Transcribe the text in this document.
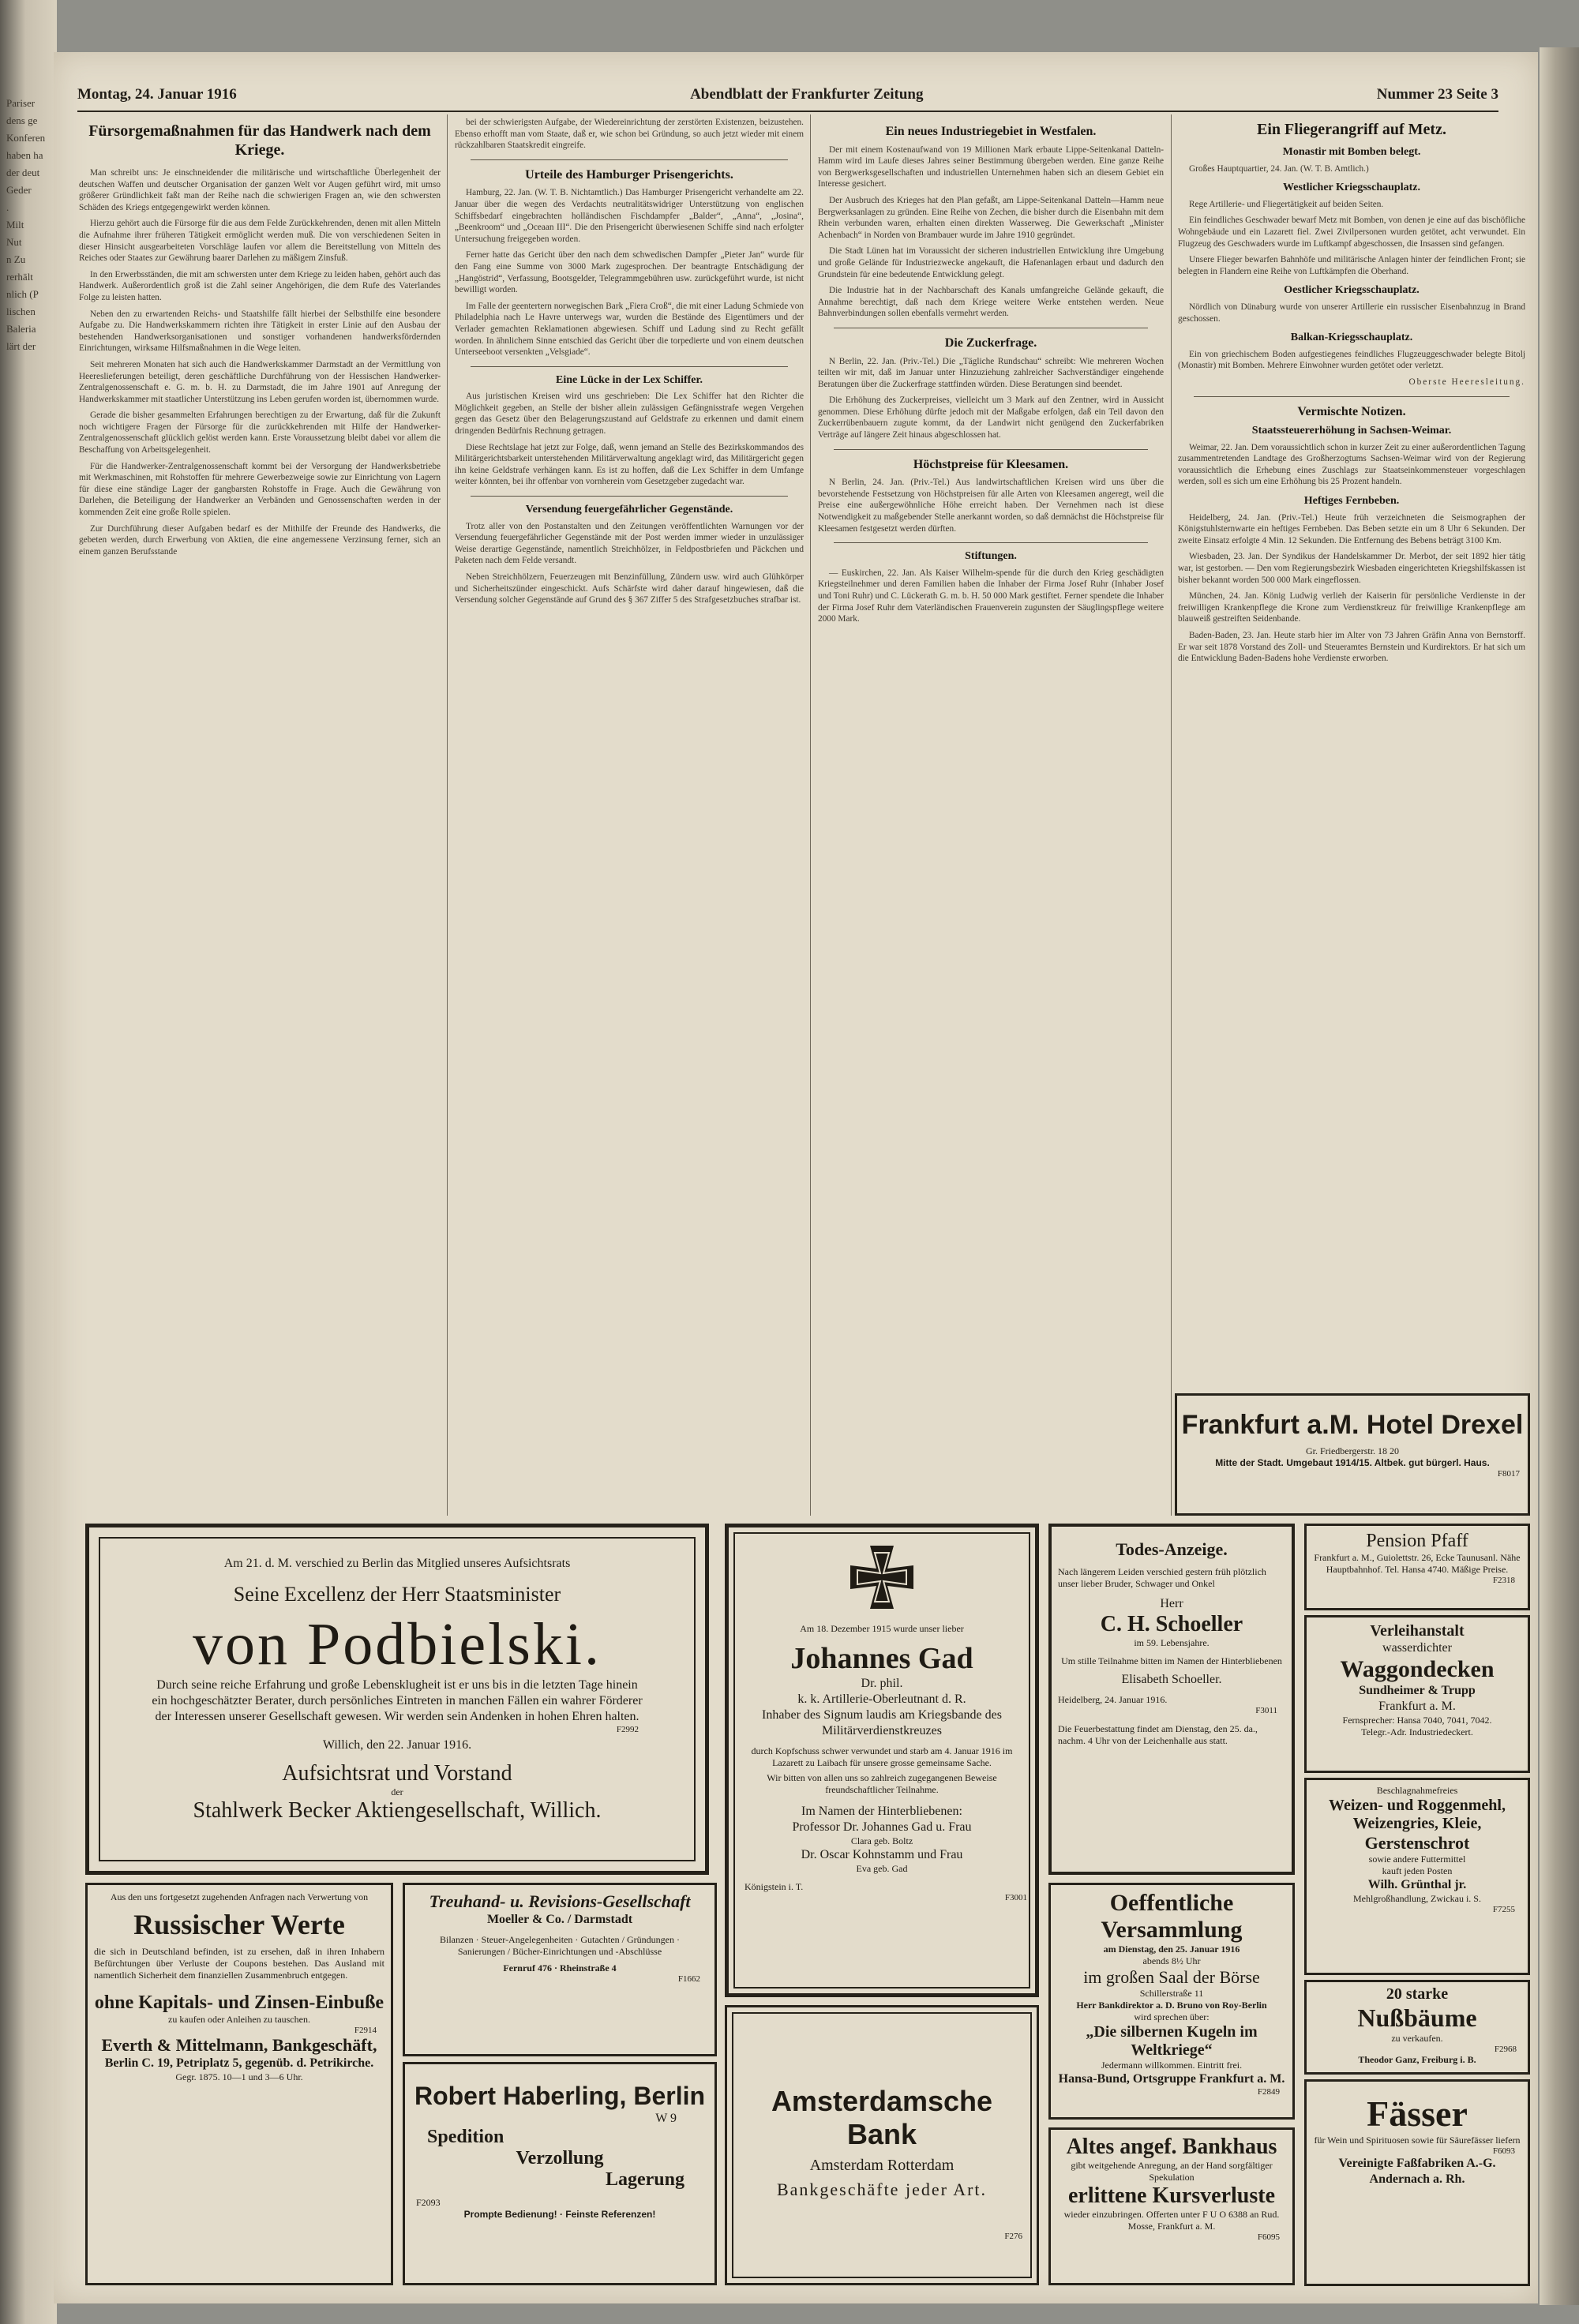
Pariser
dens ge
Konferen
haben ha
der deut
Geder
.
Milt
Nut
n Zu
rerhält
nlich (P
lischen
Baleria
lärt der

Montag, 24. Januar 1916	Abendblatt der Frankfurter Zeitung	Nummer 23 Seite 3
Fürsorgemaßnahmen für das Handwerk nach dem Kriege.

Man schreibt uns: Je einschneidender die militärische und wirtschaftliche Überlegenheit der deutschen Waffen und deutscher Organisation der ganzen Welt vor Augen geführt wird, mit umso größerer Gründlichkeit faßt man der Reihe nach die schwierigen Fragen an, wie den schwersten Schäden des Kriegs entgegengewirkt werden können.

Hierzu gehört auch die Fürsorge für die aus dem Felde Zurückkehrenden, denen mit allen Mitteln die Aufnahme ihrer früheren Tätigkeit ermöglicht werden muß. Die von verschiedenen Seiten in dieser Hinsicht ausgearbeiteten Vorschläge laufen vor allem die Bereitstellung von Mitteln des Reiches oder Staates zur Gewährung baarer Darlehen zu mäßigem Zinsfuß.

In den Erwerbsständen, die mit am schwersten unter dem Kriege zu leiden haben, gehört auch das Handwerk. Außerordentlich groß ist die Zahl seiner Angehörigen, die dem Rufe des Vaterlandes Folge zu leisten hatten.

Neben den zu erwartenden Reichs- und Staatshilfe fällt hierbei der Selbsthilfe eine besondere Aufgabe zu. Die Handwerkskammern richten ihre Tätigkeit in erster Linie auf den Ausbau der bestehenden Handwerksorganisationen und sonstiger vorhandenen handwerksfördernden Einrichtungen, wirksame Hilfsmaßnahmen in die Wege leiten.

Seit mehreren Monaten hat sich auch die Handwerkskammer Darmstadt an der Vermittlung von Heereslieferungen beteiligt, deren geschäftliche Durchführung von der Hessischen Handwerker-Zentralgenossenschaft e. G. m. b. H. zu Darmstadt, die im Jahre 1901 auf Anregung der Handwerkskammer mit staatlicher Unterstützung ins Leben gerufen worden ist, übernommen wurde.

Gerade die bisher gesammelten Erfahrungen berechtigen zu der Erwartung, daß für die Zukunft noch wichtigere Fragen der Fürsorge für die zurückkehrenden mit Hilfe der Handwerker-Zentralgenossenschaft glücklich gelöst werden kann. Erste Voraussetzung bleibt dabei vor allem die Beschaffung von Arbeitsgelegenheit.

Für die Handwerker-Zentralgenossenschaft kommt bei der Versorgung der Handwerksbetriebe mit Werkmaschinen, mit Rohstoffen für mehrere Gewerbezweige sowie zur Einrichtung von Lagern für diese eine ständige Lager der gangbarsten Rohstoffe in Frage. Auch die Gewährung von Darlehen, die Beteiligung der Handwerker an Verbänden und Genossenschaften werden in der kommenden Zeit eine große Rolle spielen.

Zur Durchführung dieser Aufgaben bedarf es der Mithilfe der Freunde des Handwerks, die gebeten werden, durch Erwerbung von Aktien, die eine angemessene Verzinsung ferner, sich an einem ganzen Berufsstande

bei der schwierigsten Aufgabe, der Wiedereinrichtung der zerstörten Existenzen, beizustehen. Ebenso erhofft man vom Staate, daß er, wie schon bei Gründung, so auch jetzt wieder mit einem rückzahlbaren Staatskredit eingreife.

Urteile des Hamburger Prisengerichts.

Hamburg, 22. Jan. (W. T. B. Nichtamtlich.) Das Hamburger Prisengericht verhandelte am 22. Januar über die wegen des Verdachts neutralitätswidriger Unterstützung von englischen Schiffsbedarf eingebrachten holländischen Fischdampfer „Balder“, „Anna“, „Josina“, „Beenkroom“ und „Oceaan III“. Die den Prisengericht überwiesenen Schiffe sind nach erfolgter Untersuchung freigegeben worden.

Ferner hatte das Gericht über den nach dem schwedischen Dampfer „Pieter Jan“ wurde für den Fang eine Summe von 3000 Mark zugesprochen. Der beantragte Entschädigung der „Hangöstrid“, Verfassung, Bootsgelder, Telegrammgebühren usw. zurückgeführt wurde, ist nicht bewilligt worden.

Im Falle der geentertern norwegischen Bark „Fiera Croß“, die mit einer Ladung Schmiede von Philadelphia nach Le Havre unterwegs war, wurden die Bestände des Eigentümers und der Verlader gemachten Reklamationen abgewiesen. Schiff und Ladung sind zu Recht gefällt worden. In ähnlichem Sinne entschied das Gericht über die torpedierte und von einem deutschen Unterseeboot versenkten „Velsgiade“.

Eine Lücke in der Lex Schiffer.

Aus juristischen Kreisen wird uns geschrieben: Die Lex Schiffer hat den Richter die Möglichkeit gegeben, an Stelle der bisher allein zulässigen Gefängnisstrafe wegen Vergehen gegen das Gesetz über den Belagerungszustand auf Geldstrafe zu erkennen und damit einem dringenden Bedürfnis Rechnung getragen.

Diese Rechtslage hat jetzt zur Folge, daß, wenn jemand an Stelle des Bezirkskommandos des Militärgerichtsbarkeit unterstehenden Militärverwaltung angeklagt wird, das Militärgericht gegen ihn keine Geldstrafe verhängen kann. Es ist zu hoffen, daß die Lex Schiffer in dem Umfange weiter könnten, bei ihr offenbar von vornherein vom Gesetzgeber zugedacht war.

Versendung feuergefährlicher Gegenstände.

Trotz aller von den Postanstalten und den Zeitungen veröffentlichten Warnungen vor der Versendung feuergefährlicher Gegenstände mit der Post werden immer wieder in unzulässiger Weise derartige Gegenstände, namentlich Streichhölzer, in Feldpostbriefen und Päckchen und Paketen nach dem Felde versandt.

Neben Streichhölzern, Feuerzeugen mit Benzinfüllung, Zündern usw. wird auch Glühkörper und Sicherheitszünder eingeschickt. Aufs Schärfste wird daher darauf hingewiesen, daß die Versendung solcher Gegenstände auf Grund des § 367 Ziffer 5 des Strafgesetzbuches strafbar ist.

Ein neues Industriegebiet in Westfalen.

Der mit einem Kostenaufwand von 19 Millionen Mark erbaute Lippe-Seitenkanal Datteln-Hamm wird im Laufe dieses Jahres seiner Bestimmung übergeben werden. Eine ganze Reihe von Bergwerksgesellschaften und industriellen Unternehmen haben sich an diesem Gebiet ein Interesse gesichert.

Der Ausbruch des Krieges hat den Plan gefaßt, am Lippe-Seitenkanal Datteln—Hamm neue Bergwerksanlagen zu gründen. Eine Reihe von Zechen, die bisher durch die Eisenbahn mit dem Rhein verbunden waren, erhalten einen direkten Wasserweg. Die Gewerkschaft „Minister Achenbach“ in Norden von Brambauer wurde im Jahre 1910 gegründet.

Die Stadt Lünen hat im Voraussicht der sicheren industriellen Entwicklung ihre Umgebung und große Gelände für Industriezwecke angekauft, die Hafenanlagen erbaut und dadurch den Grundstein für eine bedeutende Entwicklung gelegt.

Die Industrie hat in der Nachbarschaft des Kanals umfangreiche Gelände gekauft, die Annahme berechtigt, daß nach dem Kriege weitere Werke entstehen werden. Neue Bahnverbindungen sollen ebenfalls vermehrt werden.

Die Zuckerfrage.

N Berlin, 22. Jan. (Priv.-Tel.) Die „Tägliche Rundschau“ schreibt: Wie mehreren Wochen teilten wir mit, daß im Januar unter Hinzuziehung zahlreicher Sachverständiger eingehende Beratungen über die Zuckerfrage stattfinden würden. Diese Beratungen sind beendet.

Die Erhöhung des Zuckerpreises, vielleicht um 3 Mark auf den Zentner, wird in Aussicht genommen. Diese Erhöhung dürfte jedoch mit der Maßgabe erfolgen, daß ein Teil davon den Zuckerrübenbauern zugute kommt, da der Landwirt nicht genügend den Zuckerfabriken Verträge auf längere Zeit hinaus abgeschlossen hat.

Höchstpreise für Kleesamen.

N Berlin, 24. Jan. (Priv.-Tel.) Aus landwirtschaftlichen Kreisen wird uns über die bevorstehende Festsetzung von Höchstpreisen für alle Arten von Kleesamen angeregt, weil die Preise eine außergewöhnliche Höhe erreicht haben. Der Vernehmen nach ist diese Notwendigkeit zu maßgebender Stelle anerkannt worden, so daß demnächst die Höchstpreise für Kleesamen festgesetzt werden dürften.

Stiftungen.

— Euskirchen, 22. Jan. Als Kaiser Wilhelm-spende für die durch den Krieg geschädigten Kriegsteilnehmer und deren Familien haben die Inhaber der Firma Josef Ruhr (Inhaber Josef und Toni Ruhr) und C. Lückerath G. m. b. H. 50 000 Mark gestiftet. Ferner spendete die Inhaber der Firma Josef Ruhr dem Vaterländischen Frauenverein zugunsten der Säuglingspflege weitere 2000 Mark.

Ein Fliegerangriff auf Metz.
Monastir mit Bomben belegt.

Großes Hauptquartier, 24. Jan. (W. T. B. Amtlich.)

Westlicher Kriegsschauplatz.

Rege Artillerie- und Fliegertätigkeit auf beiden Seiten.

Ein feindliches Geschwader bewarf Metz mit Bomben, von denen je eine auf das bischöfliche Wohngebäude und ein Lazarett fiel. Zwei Zivilpersonen wurden getötet, acht verwundet. Ein Flugzeug des Geschwaders wurde im Luftkampf abgeschossen, die Insassen sind gefangen.

Unsere Flieger bewarfen Bahnhöfe und militärische Anlagen hinter der feindlichen Front; sie belegten in Flandern eine Reihe von Luftkämpfen die Oberhand.

Oestlicher Kriegsschauplatz.

Nördlich von Dünaburg wurde von unserer Artillerie ein russischer Eisenbahnzug in Brand geschossen.

Balkan-Kriegsschauplatz.

Ein von griechischem Boden aufgestiegenes feindliches Flugzeuggeschwader belegte Bitolj (Monastir) mit Bomben. Mehrere Einwohner wurden getötet oder verletzt.

Oberste Heeresleitung.

Vermischte Notizen.
Staatssteuererhöhung in Sachsen-Weimar.

Weimar, 22. Jan. Dem voraussichtlich schon in kurzer Zeit zu einer außerordentlichen Tagung zusammentretenden Landtage des Großherzogtums Sachsen-Weimar wird von der Regierung voraussichtlich die Erhebung eines Zuschlags zur Staatseinkommensteuer vorgeschlagen werden, soll es sich um eine Erhöhung bis 25 Prozent handeln.

Heftiges Fernbeben.

Heidelberg, 24. Jan. (Priv.-Tel.) Heute früh verzeichneten die Seismographen der Königstuhlsternwarte ein heftiges Fernbeben. Das Beben setzte ein um 8 Uhr 6 Sekunden. Der zweite Einsatz erfolgte 4 Min. 12 Sekunden. Die Entfernung des Bebens beträgt 3100 Km.

Wiesbaden, 23. Jan. Der Syndikus der Handelskammer Dr. Merbot, der seit 1892 hier tätig war, ist gestorben. — Den vom Regierungsbezirk Wiesbaden eingerichteten Kriegshilfskassen ist bisher bekannt worden 500 000 Mark eingeflossen.

München, 24. Jan. König Ludwig verlieh der Kaiserin für persönliche Verdienste in der freiwilligen Krankenpflege die Krone zum Verdienstkreuz für freiwillige Krankenpflege am blauweiß gestreiften Seidenbande.

Baden-Baden, 23. Jan. Heute starb hier im Alter von 73 Jahren Gräfin Anna von Bernstorff. Er war seit 1878 Vorstand des Zoll- und Steueramtes Bernstein und Kurdirektors. Er hat sich um die Entwicklung Baden-Badens hohe Verdienste erworben.

Frankfurt a.M. Hotel Drexel
Gr. Friedbergerstr. 18 20
Mitte der Stadt. Umgebaut 1914/15. Altbek. gut bürgerl. Haus.
F8017
Am 21. d. M. verschied zu Berlin das Mitglied unseres Aufsichtsrats
Seine Excellenz der Herr Staatsminister
von Podbielski.
Durch seine reiche Erfahrung und große Lebensklugheit ist er uns bis in die letzten Tage hinein ein hochgeschätzter Berater, durch persönliches Eintreten in manchen Fällen ein wahrer Förderer der Interessen unserer Gesellschaft gewesen. Wir werden sein Andenken in hohen Ehren halten.
F2992
Willich, den 22. Januar 1916.
Aufsichtsrat und Vorstand
der
Stahlwerk Becker Aktiengesellschaft, Willich.
Am 18. Dezember 1915 wurde unser lieber
Johannes Gad
Dr. phil.
k. k. Artillerie-Oberleutnant d. R.
Inhaber des Signum laudis am Kriegsbande des Militärverdienstkreuzes
durch Kopfschuss schwer verwundet und starb am 4. Januar 1916 im Lazarett zu Laibach für unsere grosse gemeinsame Sache.
Wir bitten von allen uns so zahlreich zugegangenen Beweise freundschaftlicher Teilnahme.
Im Namen der Hinterbliebenen:
Professor Dr. Johannes Gad u. Frau
Clara geb. Boltz
Dr. Oscar Kohnstamm und Frau
Eva geb. Gad
Königstein i. T.
F3001
Todes-Anzeige.
Nach längerem Leiden verschied gestern früh plötzlich unser lieber Bruder, Schwager und Onkel
Herr
C. H. Schoeller
im 59. Lebensjahre.
Um stille Teilnahme bitten im Namen der Hinterbliebenen
Elisabeth Schoeller.
Heidelberg, 24. Januar 1916.
F3011
Die Feuerbestattung findet am Dienstag, den 25. da., nachm. 4 Uhr von der Leichenhalle aus statt.
Pension Pfaff
Frankfurt a. M., Guiolettstr. 26, Ecke Taunusanl. Nähe Hauptbahnhof. Tel. Hansa 4740. Mäßige Preise.
F2318
Verleihanstalt
wasserdichter
Waggondecken
Sundheimer & Trupp
Frankfurt a. M.
Fernsprecher: Hansa 7040, 7041, 7042.
Telegr.-Adr. Industriedeckert.
Beschlagnahmefreies
Weizen- und Roggenmehl,
Weizengries, Kleie,
Gerstenschrot
sowie andere Futtermittel
kauft jeden Posten
Wilh. Grünthal jr.
Mehlgroßhandlung, Zwickau i. S.
F7255
Oeffentliche Versammlung
am Dienstag, den 25. Januar 1916
abends 8½ Uhr
im großen Saal der Börse
Schillerstraße 11
Herr Bankdirektor a. D. Bruno von Roy-Berlin
wird sprechen über:
„Die silbernen Kugeln im Weltkriege“
Jedermann willkommen. Eintritt frei.
Hansa-Bund, Ortsgruppe Frankfurt a. M.
F2849
20 starke
Nußbäume
zu verkaufen.
F2968
Theodor Ganz, Freiburg i. B.
Altes angef. Bankhaus
gibt weitgehende Anregung, an der Hand sorgfältiger Spekulation
erlittene Kursverluste
wieder einzubringen. Offerten unter F U O 6388 an Rud. Mosse, Frankfurt a. M.
F6095
Fässer
für Wein und Spirituosen sowie für Säurefässer liefern
F6093
Vereinigte Faßfabriken A.-G.
Andernach a. Rh.
Aus den uns fortgesetzt zugehenden Anfragen nach Verwertung von
Russischer Werte
die sich in Deutschland befinden, ist zu ersehen, daß in ihren Inhabern Befürchtungen über Verluste der Coupons bestehen. Das Ausland mit namentlich Sicherheit dem finanziellen Zusammenbruch entgegen.
ohne Kapitals- und Zinsen-Einbuße
zu kaufen oder Anleihen zu tauschen.
F2914
Everth & Mittelmann, Bankgeschäft,
Berlin C. 19, Petriplatz 5, gegenüb. d. Petrikirche.
Gegr. 1875. 10—1 und 3—6 Uhr.
Treuhand- u. Revisions-Gesellschaft
Moeller & Co. / Darmstadt
Bilanzen · Steuer-Angelegenheiten · Gutachten / Gründungen · Sanierungen / Bücher-Einrichtungen und -Abschlüsse
Fernruf 476 · Rheinstraße 4
F1662
Robert Haberling, Berlin
W 9
Spedition
Verzollung
Lagerung
F2093
Prompte Bedienung! · Feinste Referenzen!
Amsterdamsche Bank
Amsterdam Rotterdam
Bankgeschäfte jeder Art.
F276
